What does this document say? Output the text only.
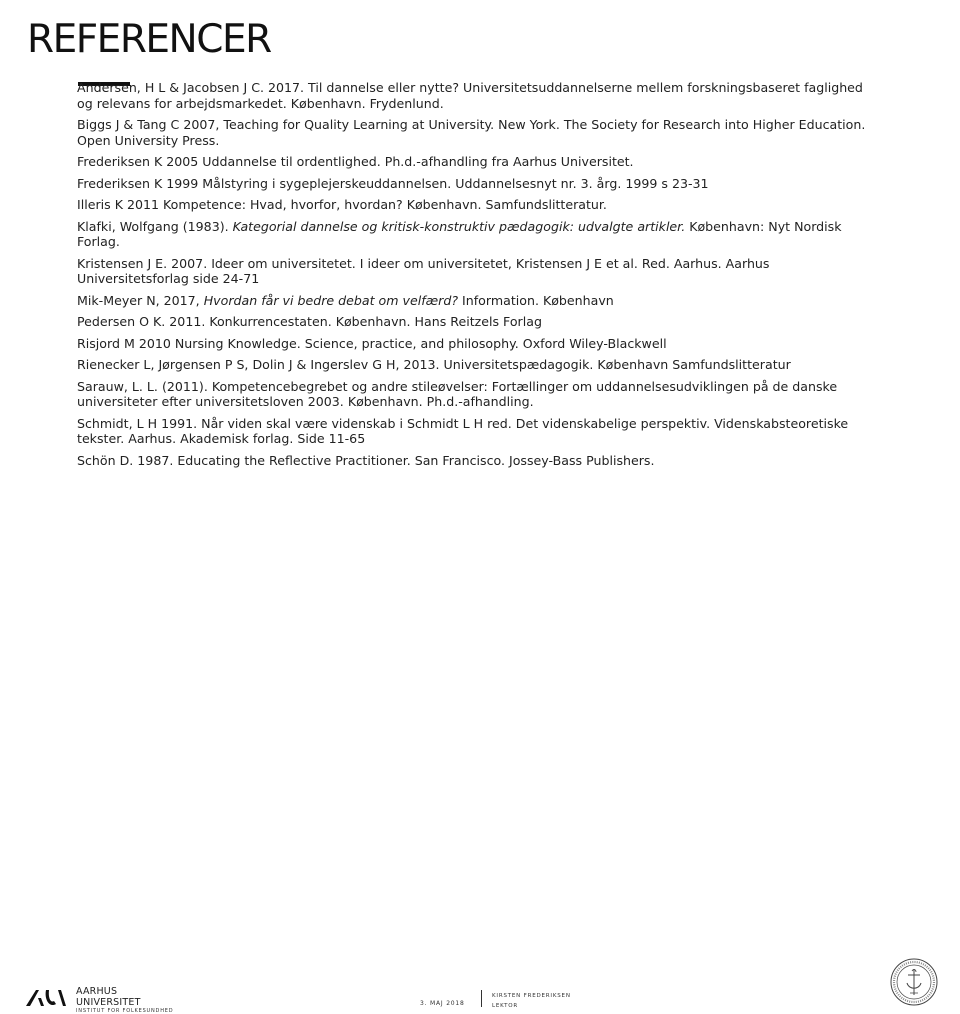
REFERENCER
Andersen, H L & Jacobsen J C. 2017. Til dannelse eller nytte? Universitetsuddannelserne mellem forskningsbaseret faglighed og relevans for arbejdsmarkedet. København. Frydenlund.
Biggs J & Tang C 2007, Teaching for Quality Learning at University. New York. The Society for Research into Higher Education. Open University Press.
Frederiksen K 2005 Uddannelse til ordentlighed. Ph.d.-afhandling fra Aarhus Universitet.
Frederiksen K 1999 Målstyring i sygeplejerskeuddannelsen. Uddannelsesnyt nr. 3. årg. 1999 s 23-31
Illeris K 2011 Kompetence: Hvad, hvorfor, hvordan? København. Samfundslitteratur.
Klafki, Wolfgang (1983). Kategorial dannelse og kritisk-konstruktiv pædagogik: udvalgte artikler. København: Nyt Nordisk Forlag.
Kristensen J E. 2007. Ideer om universitetet. I ideer om universitetet, Kristensen J E et al. Red. Aarhus. Aarhus Universitetsforlag side 24-71
Mik-Meyer N, 2017, Hvordan får vi bedre debat om velfærd? Information. København
Pedersen O K. 2011. Konkurrencestaten. København. Hans Reitzels Forlag
Risjord M 2010 Nursing Knowledge. Science, practice, and philosophy. Oxford Wiley-Blackwell
Rienecker L, Jørgensen P S, Dolin J & Ingerslev G H, 2013. Universitetspædagogik. København Samfundslitteratur
Sarauw, L. L. (2011). Kompetencebegrebet og andre stileøvelser: Fortællinger om uddannelsesudviklingen på de danske universiteter efter universitetsloven 2003. København. Ph.d.-afhandling.
Schmidt, L H 1991. Når viden skal være videnskab i Schmidt L H red. Det videnskabelige perspektiv. Videnskabsteoretiske tekster. Aarhus. Akademisk forlag. Side 11-65
Schön D. 1987. Educating the Reflective Practitioner. San Francisco. Jossey-Bass Publishers.
AARHUS
UNIVERSITET
INSTITUT FOR FOLKESUNDHED
3. MAJ 2018
KIRSTEN FREDERIKSEN
LEKTOR
